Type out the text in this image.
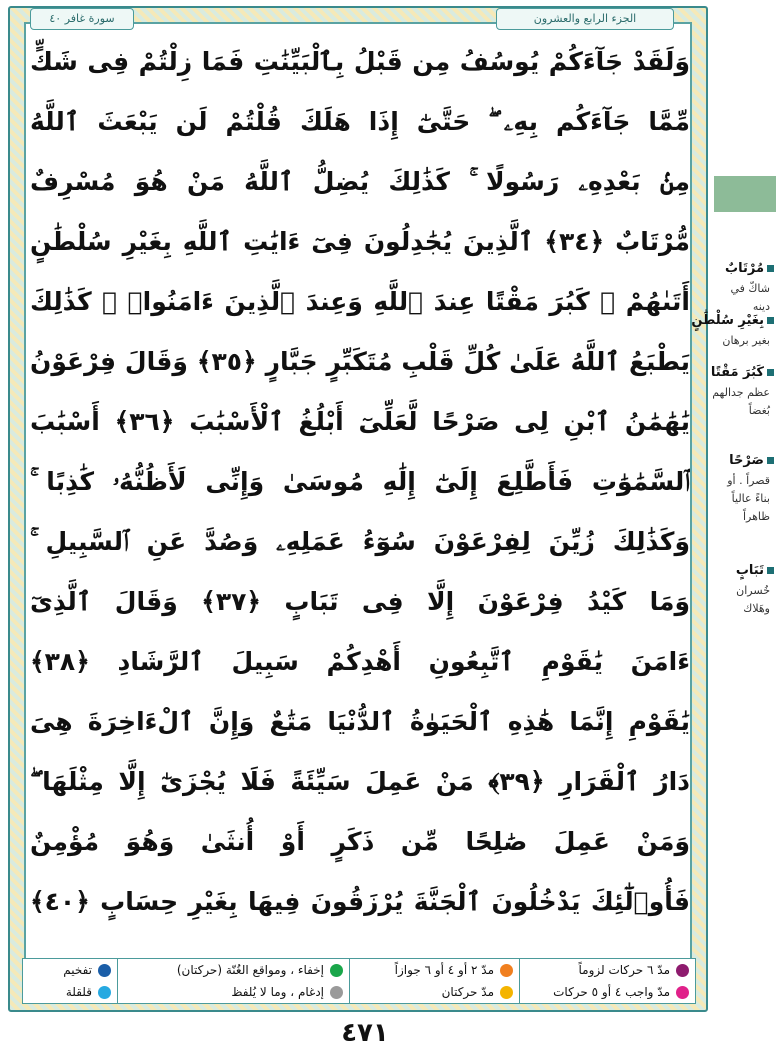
الجزء الرابع والعشرون
سورة غافر ٤٠
وَلَقَدْ جَآءَكُمْ يُوسُفُ مِن قَبْلُ بِٱلْبَيِّنَٰتِ فَمَا زِلْتُمْ فِى شَكٍّ
مِّمَّا جَآءَكُم بِهِۦ ۖ حَتَّىٰٓ إِذَا هَلَكَ قُلْتُمْ لَن يَبْعَثَ ٱللَّهُ
مِنۢ بَعْدِهِۦ رَسُولًا ۚ كَذَٰلِكَ يُضِلُّ ٱللَّهُ مَنْ هُوَ مُسْرِفٌ
مُّرْتَابٌ ﴿٣٤﴾ ٱلَّذِينَ يُجَٰدِلُونَ فِىٓ ءَايَٰتِ ٱللَّهِ بِغَيْرِ سُلْطَٰنٍ
أَتَىٰهُمْ ۖ كَبُرَ مَقْتًا عِندَ ٱللَّهِ وَعِندَ ٱلَّذِينَ ءَامَنُوا۟ ۚ كَذَٰلِكَ
يَطْبَعُ ٱللَّهُ عَلَىٰ كُلِّ قَلْبِ مُتَكَبِّرٍ جَبَّارٍ ﴿٣٥﴾ وَقَالَ فِرْعَوْنُ
يَٰهَٰمَٰنُ ٱبْنِ لِى صَرْحًا لَّعَلِّىٓ أَبْلُغُ ٱلْأَسْبَٰبَ ﴿٣٦﴾ أَسْبَٰبَ
ٱلسَّمَٰوَٰتِ فَأَطَّلِعَ إِلَىٰٓ إِلَٰهِ مُوسَىٰ وَإِنِّى لَأَظُنُّهُۥ كَٰذِبًا ۚ
وَكَذَٰلِكَ زُيِّنَ لِفِرْعَوْنَ سُوٓءُ عَمَلِهِۦ وَصُدَّ عَنِ ٱلسَّبِيلِ ۚ
وَمَا كَيْدُ فِرْعَوْنَ إِلَّا فِى تَبَابٍ ﴿٣٧﴾ وَقَالَ ٱلَّذِىٓ
ءَامَنَ يَٰقَوْمِ ٱتَّبِعُونِ أَهْدِكُمْ سَبِيلَ ٱلرَّشَادِ ﴿٣٨﴾
يَٰقَوْمِ إِنَّمَا هَٰذِهِ ٱلْحَيَوٰةُ ٱلدُّنْيَا مَتَٰعٌ وَإِنَّ ٱلْءَاخِرَةَ هِىَ
دَارُ ٱلْقَرَارِ ﴿٣٩﴾ مَنْ عَمِلَ سَيِّئَةً فَلَا يُجْزَىٰٓ إِلَّا مِثْلَهَا ۖ
وَمَنْ عَمِلَ صَٰلِحًا مِّن ذَكَرٍ أَوْ أُنثَىٰ وَهُوَ مُؤْمِنٌ
فَأُو۟لَٰٓئِكَ يَدْخُلُونَ ٱلْجَنَّةَ يُرْزَقُونَ فِيهَا بِغَيْرِ حِسَابٍ ﴿٤٠﴾
مدّ ٦ حركات لزوماً
مدّ واجب ٤ أو ٥ حركات
مدّ ٢ أو ٤ أو ٦ جوازاً
مدّ حركتان
إخفاء ، ومواقع الغُنّة (حركتان)
إدغام ، وما لا يُلفظ
تفخيم
قلقلة
٤٧١
مُرْتَابٌ
شاكّ في دينه
بِغَيْرِ سُلْطَٰنٍ
بغير برهان
كَبُرَ مَقْتًا
عظم جدالهم بُغضاً
صَرْحًا
قصراً . أو بناءً عالياً ظاهراً
تَبَابٍ
خُسران وهَلاك
